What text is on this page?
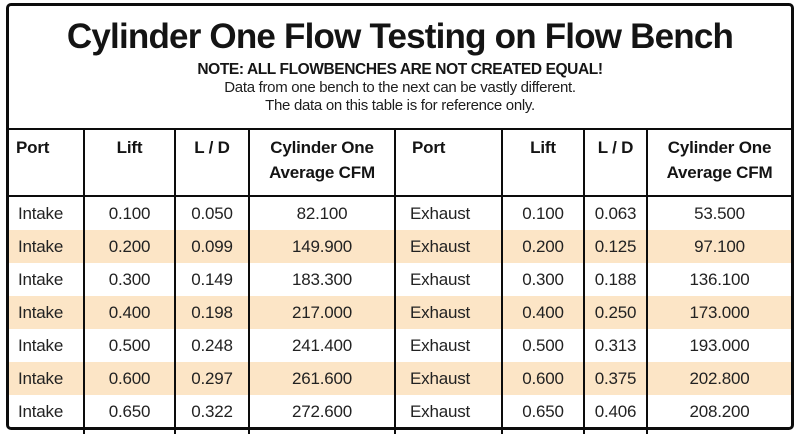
Cylinder One Flow Testing on Flow Bench
NOTE: ALL FLOWBENCHES ARE NOT CREATED EQUAL!
Data from one bench to the next can be vastly different.
The data on this table is for reference only.
Port	Lift	L / D	Cylinder One Average CFM	Port	Lift	L / D	Cylinder One Average CFM
Intake	0.100	0.050	82.100	Exhaust	0.100	0.063	53.500
Intake	0.200	0.099	149.900	Exhaust	0.200	0.125	97.100
Intake	0.300	0.149	183.300	Exhaust	0.300	0.188	136.100
Intake	0.400	0.198	217.000	Exhaust	0.400	0.250	173.000
Intake	0.500	0.248	241.400	Exhaust	0.500	0.313	193.000
Intake	0.600	0.297	261.600	Exhaust	0.600	0.375	202.800
Intake	0.650	0.322	272.600	Exhaust	0.650	0.406	208.200
